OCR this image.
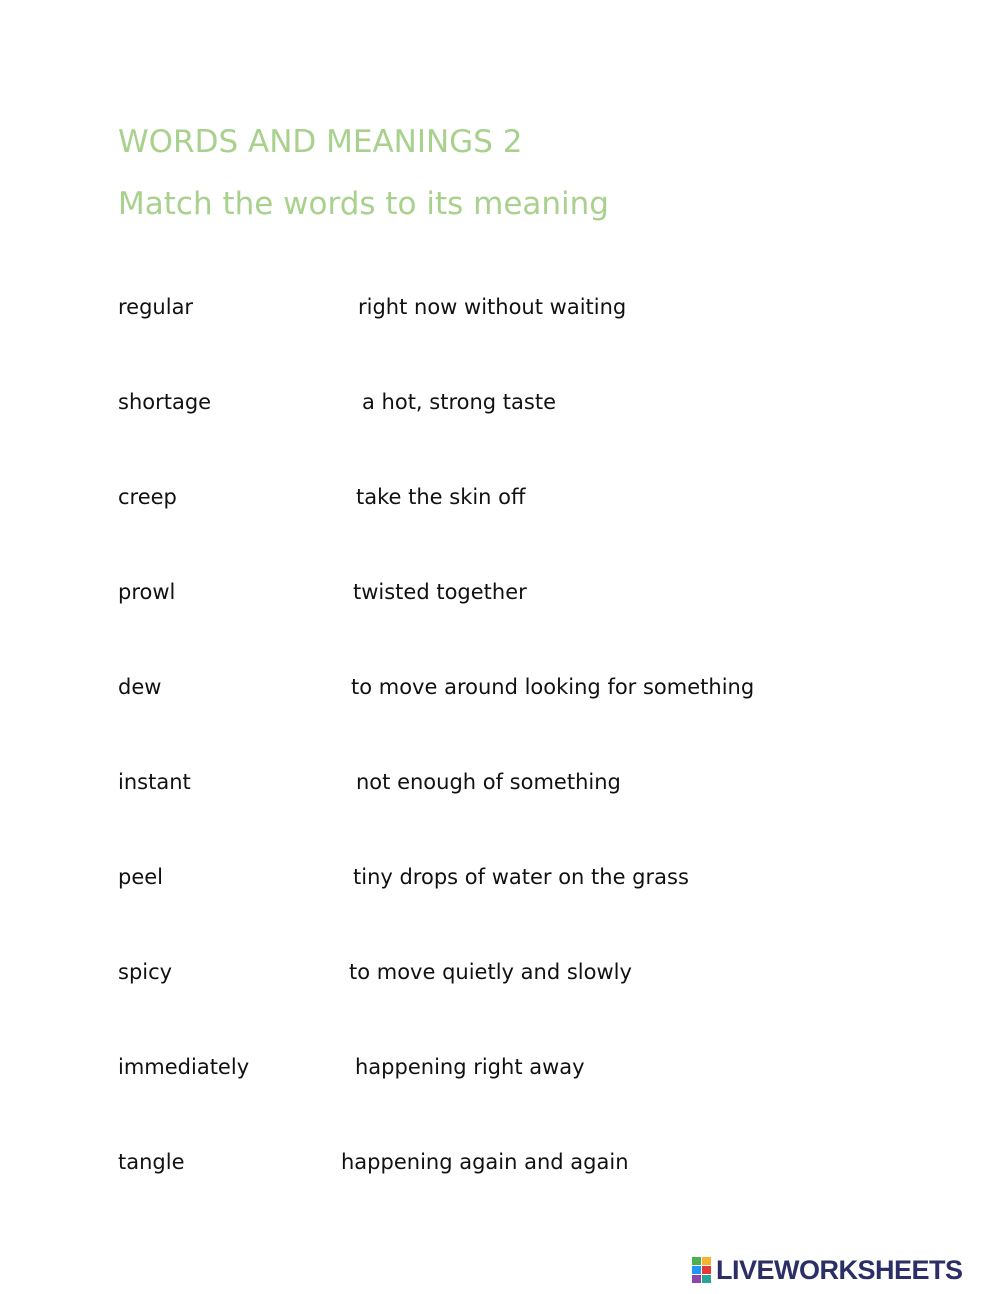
WORDS AND MEANINGS 2
Match the words to its meaning
regular	right now without waiting
shortage	a hot, strong taste
creep	take the skin off
prowl	twisted together
dew	to move around looking for something
instant	not enough of something
peel	tiny drops of water on the grass
spicy	to move quietly and slowly
immediately	happening right away
tangle	happening again and again
LIVEWORKSHEETS
